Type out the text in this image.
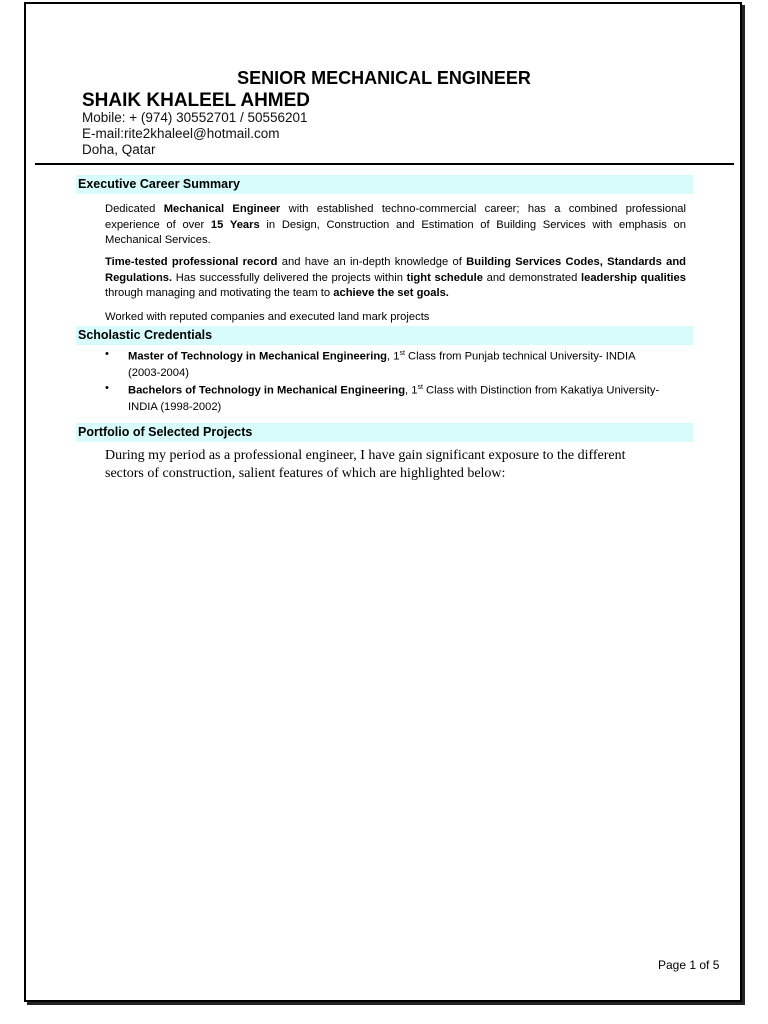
SENIOR MECHANICAL ENGINEER
SHAIK KHALEEL AHMED
Mobile: + (974) 30552701 / 50556201
E-mail:rite2khaleel@hotmail.com
Doha, Qatar
Executive Career Summary
Dedicated Mechanical Engineer with established techno-commercial career; has a combined professional experience of over 15 Years in Design, Construction and Estimation of Building Services with emphasis on Mechanical Services.
Time-tested professional record and have an in-depth knowledge of Building Services Codes, Standards and Regulations. Has successfully delivered the projects within tight schedule and demonstrated leadership qualities through managing and motivating the team to achieve the set goals.
Worked with reputed companies and executed land mark projects
Scholastic Credentials
• Master of Technology in Mechanical Engineering, 1st Class from Punjab technical University- INDIA (2003-2004)
• Bachelors of Technology in Mechanical Engineering, 1st Class with Distinction from Kakatiya University- INDIA (1998-2002)
Portfolio of Selected Projects
During my period as a professional engineer, I have gain significant exposure to the different sectors of construction, salient features of which are highlighted below:
Page 1 of 5
